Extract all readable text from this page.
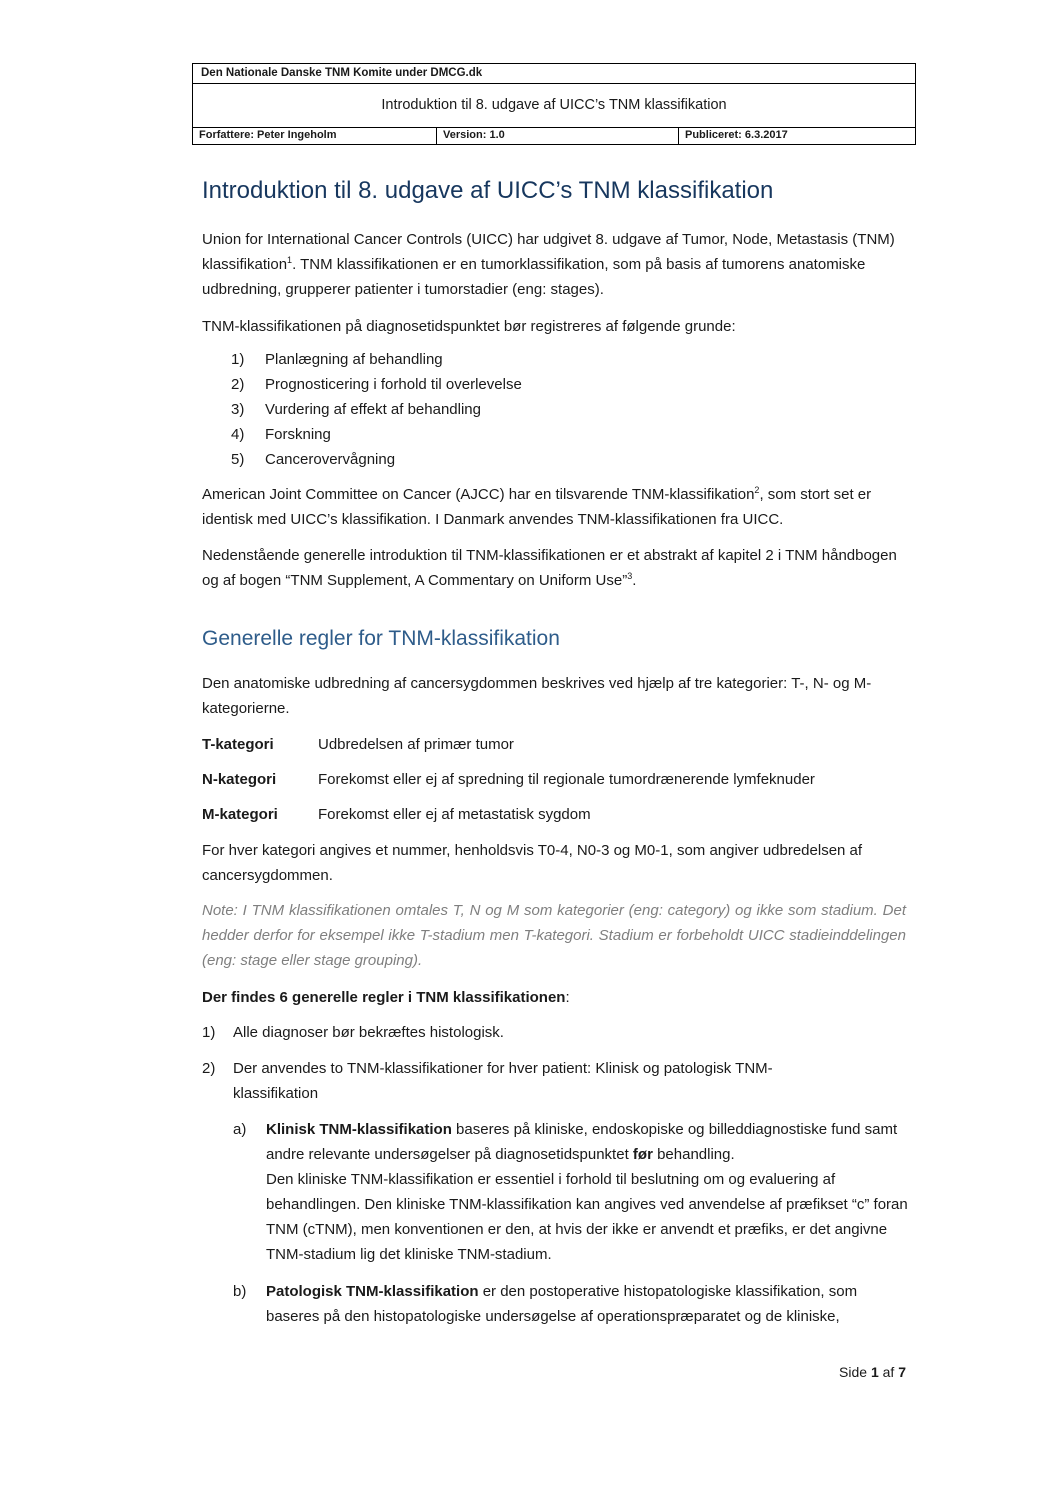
Den Nationale Danske TNM Komite under DMCG.dk
Introduktion til 8. udgave af UICC’s TNM klassifikation
Forfattere: Peter Ingeholm	Version: 1.0	Publiceret: 6.3.2017
Introduktion til 8. udgave af UICC’s TNM klassifikation

Union for International Cancer Controls (UICC) har udgivet 8. udgave af Tumor, Node, Metastasis (TNM) klassifikation$^1$. TNM klassifikationen er en tumorklassifikation, som på basis af tumorens anatomiske udbredning, grupperer patienter i tumorstadier (eng: stages).

TNM-klassifikationen på diagnosetidspunktet bør registreres af følgende grunde:

1) Planlægning af behandling
2) Prognosticering i forhold til overlevelse
3) Vurdering af effekt af behandling
4) Forskning
5) Cancerovervågning

American Joint Committee on Cancer (AJCC) har en tilsvarende TNM-klassifikation$^2$, som stort set er identisk med UICC’s klassifikation. I Danmark anvendes TNM-klassifikationen fra UICC.

Nedenstående generelle introduktion til TNM-klassifikationen er et abstrakt af kapitel 2 i TNM håndbogen og af bogen “TNM Supplement, A Commentary on Uniform Use”$^3$.

Generelle regler for TNM-klassifikation

Den anatomiske udbredning af cancersygdommen beskrives ved hjælp af tre kategorier: T-, N- og M-kategorierne.

T-kategori	Udbredelsen af primær tumor
N-kategori	Forekomst eller ej af spredning til regionale tumordrænerende lymfeknuder
M-kategori	Forekomst eller ej af metastatisk sygdom

For hver kategori angives et nummer, henholdsvis T0-4, N0-3 og M0-1, som angiver udbredelsen af cancersygdommen.

Note: I TNM klassifikationen omtales T, N og M som kategorier (eng: category) og ikke som stadium. Det hedder derfor for eksempel ikke T-stadium men T-kategori. Stadium er forbeholdt UICC stadieinddelingen (eng: stage eller stage grouping).

Der findes 6 generelle regler i TNM klassifikationen:

1) Alle diagnoser bør bekræftes histologisk.
2) Der anvendes to TNM-klassifikationer for hver patient: Klinisk og patologisk TNM-klassifikation
a) Klinisk TNM-klassifikation baseres på kliniske, endoskopiske og billeddiagnostiske fund samt andre relevante undersøgelser på diagnosetidspunktet før behandling.
Den kliniske TNM-klassifikation er essentiel i forhold til beslutning om og evaluering af behandlingen. Den kliniske TNM-klassifikation kan angives ved anvendelse af præfikset “c” foran TNM (cTNM), men konventionen er den, at hvis der ikke er anvendt et præfiks, er det angivne TNM-stadium lig det kliniske TNM-stadium.
b) Patologisk TNM-klassifikation er den postoperative histopatologiske klassifikation, som baseres på den histopatologiske undersøgelse af operationspræparatet og de kliniske,
Side 1 af 7
